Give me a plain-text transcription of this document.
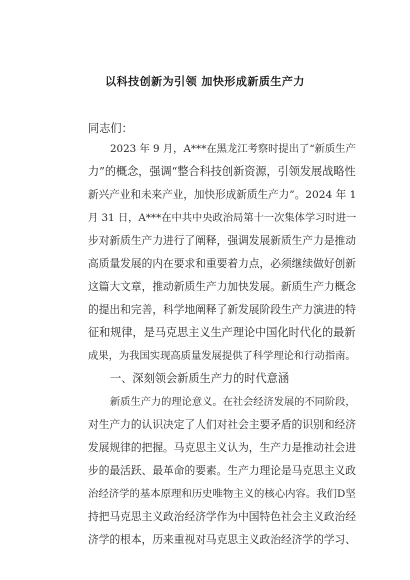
以科技创新为引领 加快形成新质生产力
同志们：
2023 年 9 月，A***在黑龙江考察时提出了“新质生产
力”的概念，强调“整合科技创新资源，引领发展战略性
新兴产业和未来产业，加快形成新质生产力”。2024 年 1
月 31 日，A***在中共中央政治局第十一次集体学习时进一
步对新质生产力进行了阐释，强调发展新质生产力是推动
高质量发展的内在要求和重要着力点，必须继续做好创新
这篇大文章，推动新质生产力加快发展。新质生产力概念
的提出和完善，科学地阐释了新发展阶段生产力演进的特
征和规律，是马克思主义生产理论中国化时代化的最新
成果，为我国实现高质量发展提供了科学理论和行动指南。
一、深刻领会新质生产力的时代意涵
新质生产力的理论意义。在社会经济发展的不同阶段，
对生产力的认识决定了人们对社会主要矛盾的识别和经济
发展规律的把握。马克思主义认为，生产力是推动社会进
步的最活跃、最革命的要素。生产力理论是马克思主义政
治经济学的基本原理和历史唯物主义的核心内容。我们D坚
持把马克思主义政治经济学作为中国特色社会主义政治经
济学的根本，历来重视对马克思主义政治经济学的学习、
